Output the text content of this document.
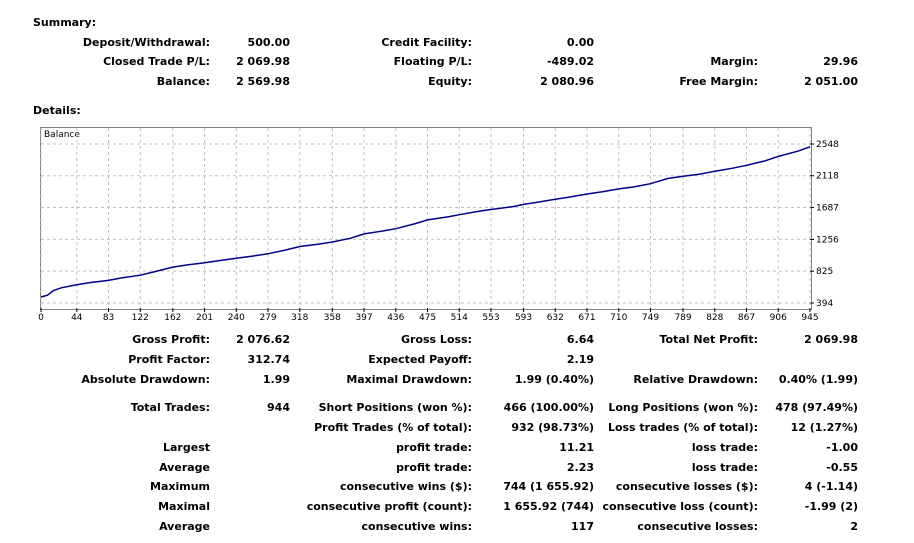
Summary:
Deposit/Withdrawal:	500.00	Credit Facility:	0.00
Closed Trade P/L:	2 069.98	Floating P/L:	-489.02	Margin:	29.96
Balance:	2 569.98	Equity:	2 080.96	Free Margin:	2 051.00
Details:
Balance
2548
2118
1687
1256
825
394
0	44 83 122 162 201 240 279 318 358 397 436 475 514 553 593 632 671 710 749 789 828 867 906 945
Gross Profit:	2 076.62	Gross Loss:	6.64	Total Net Profit:	2 069.98
Profit Factor:	312.74	Expected Payoff:	2.19
Absolute Drawdown:	1.99	Maximal Drawdown:	1.99 (0.40%)	Relative Drawdown:	0.40% (1.99)
Total Trades:	944	Short Positions (won %):	466 (100.00%)	Long Positions (won %):	478 (97.49%)
Profit Trades (% of total):	932 (98.73%)	Loss trades (% of total):	12 (1.27%)
Largest	profit trade:	11.21	loss trade:	-1.00
Average	profit trade:	2.23	loss trade:	-0.55
Maximum	consecutive wins ($):	744 (1 655.92)	consecutive losses ($):	4 (-1.14)
Maximal	consecutive profit (count):	1 655.92 (744) consecutive loss (count):	-1.99 (2)
Average	consecutive wins:	117	consecutive losses:	2
